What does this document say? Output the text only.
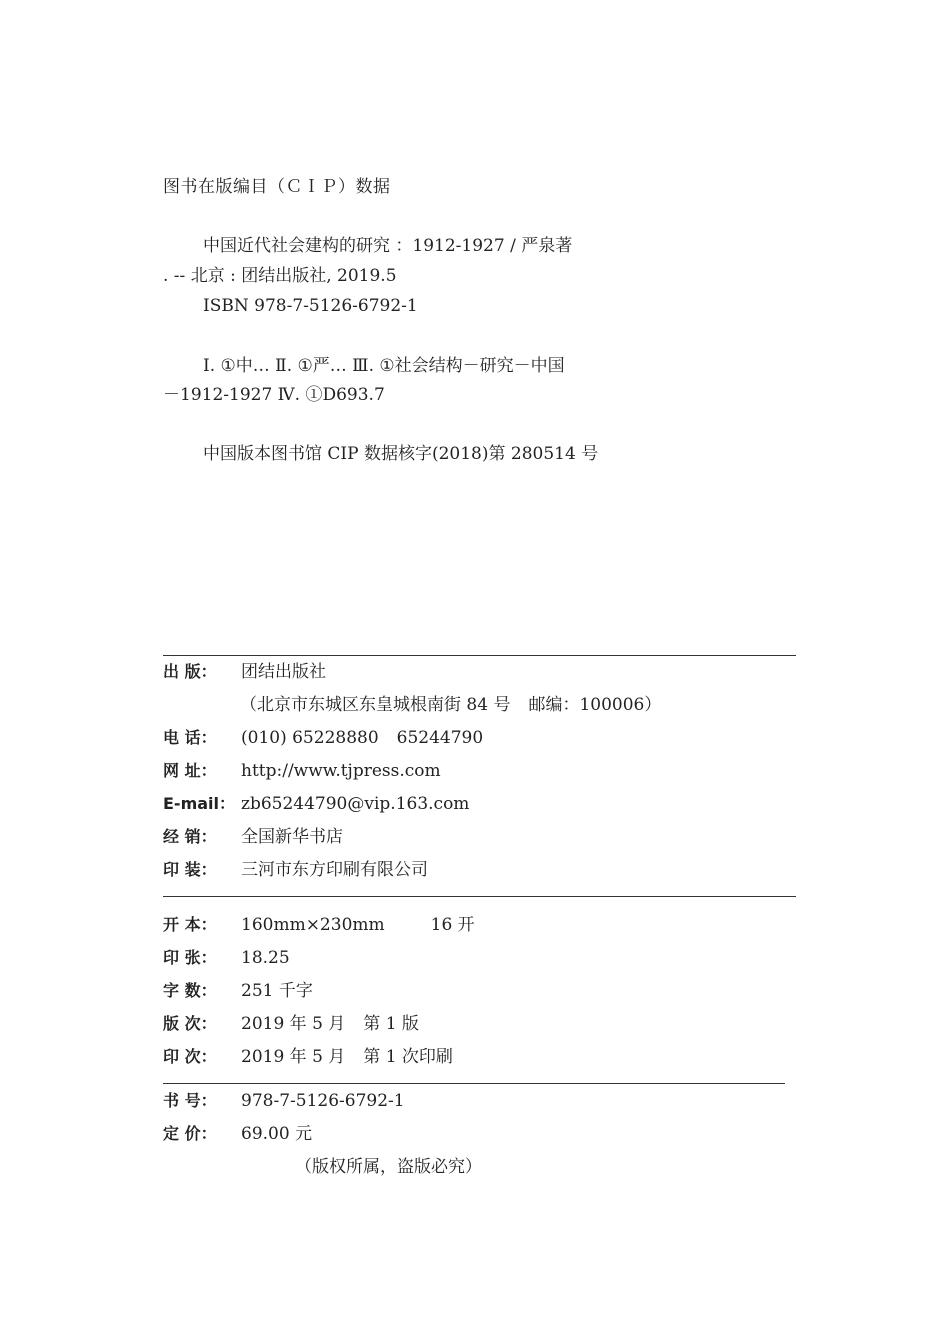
图书在版编目（ＣＩＰ）数据
中国近代社会建构的研究 ：1912-1927 / 严泉著
. -- 北京 : 团结出版社, 2019.5
ISBN 978-7-5126-6792-1
Ⅰ. ①中… Ⅱ. ①严… Ⅲ. ①社会结构－研究－中国
－1912-1927 Ⅳ. ①D693.7
中国版本图书馆 CIP 数据核字(2018)第 280514 号
出 版： 团结出版社
（北京市东城区东皇城根南街 84 号 邮编：100006）
电 话： (010) 65228880 65244790
网 址： http://www.tjpress.com
E-mail： zb65244790@vip.163.com
经 销： 全国新华书店
印 装： 三河市东方印刷有限公司
开 本： 160mm×230mm	16 开
印 张： 18.25
字 数： 251 千字
版 次： 2019 年 5 月 第 1 版
印 次： 2019 年 5 月 第 1 次印刷
书 号： 978-7-5126-6792-1
定 价： 69.00 元
（版权所属，盗版必究）
